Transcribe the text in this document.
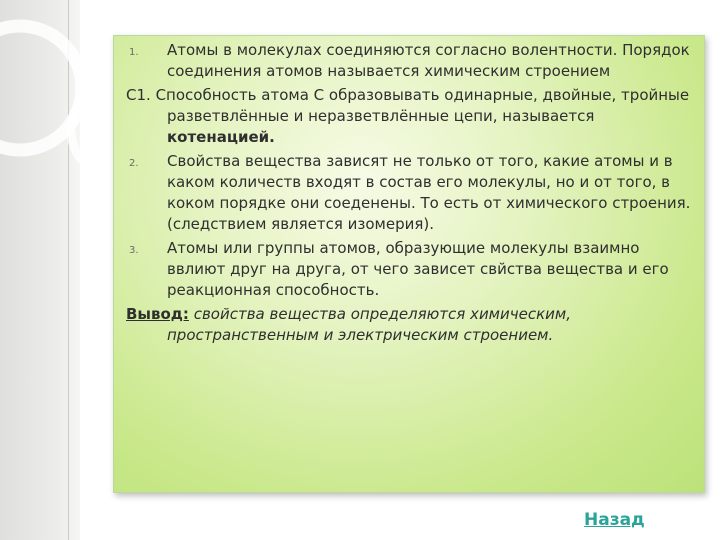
1. Атомы в молекулах соединяются согласно волентности. Порядок соединения атомов называется химическим строением
С1. Способность атома С образовывать одинарные, двойные, тройные разветвлённые и неразветвлённые цепи, называется котенацией.
2. Свойства вещества зависят не только от того, какие атомы и в каком количеств входят в состав его молекулы, но и от того, в коком порядке они соеденены. То есть от химического строения. (следствием является изомерия).
3. Атомы или группы атомов, образующие молекулы взаимно ввлиют друг на друга, от чего зависет свйства вещества и его реакционная способность.
Вывод: свойства вещества определяются химическим, пространственным и электрическим строением.
Назад
